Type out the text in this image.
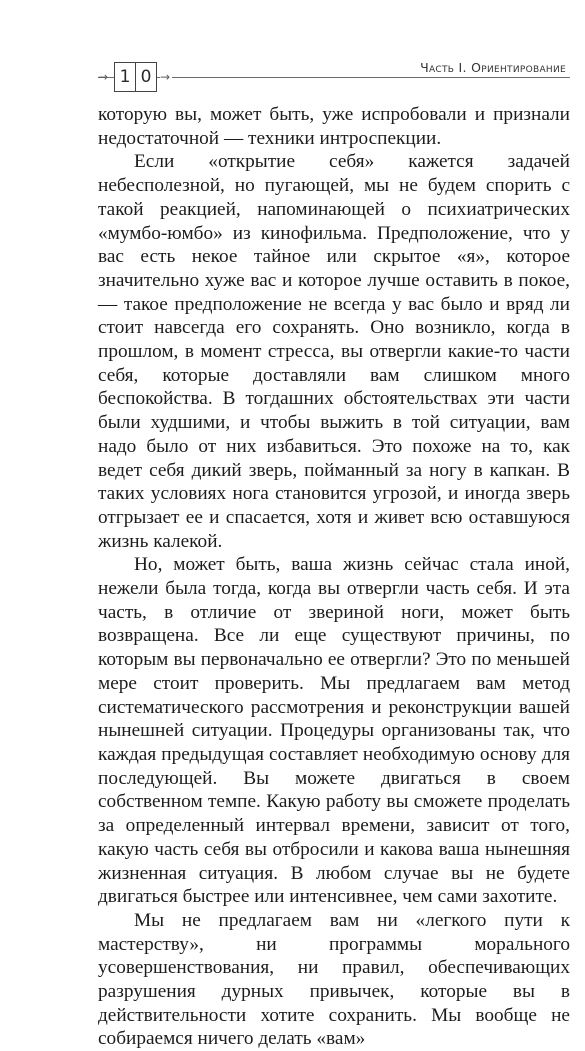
→ 1 0 →
Часть I. Ориентирование

которую вы, может быть, уже испробовали и признали недостаточной — техники интроспекции.

Если «открытие себя» кажется задачей небесполезной, но пугающей, мы не будем спорить с такой реакцией, напоминающей о психиатрических «мумбо-юмбо» из кинофильма. Предположение, что у вас есть некое тайное или скрытое «я», которое значительно хуже вас и которое лучше оставить в покое, — такое предположение не всегда у вас было и вряд ли стоит навсегда его сохранять. Оно возникло, когда в прошлом, в момент стресса, вы отвергли какие-то части себя, которые доставляли вам слишком много беспокойства. В тогдашних обстоятельствах эти части были худшими, и чтобы выжить в той ситуации, вам надо было от них избавиться. Это похоже на то, как ведет себя дикий зверь, пойманный за ногу в капкан. В таких условиях нога становится угрозой, и иногда зверь отгрызает ее и спасается, хотя и живет всю оставшуюся жизнь калекой.

Но, может быть, ваша жизнь сейчас стала иной, нежели была тогда, когда вы отвергли часть себя. И эта часть, в отличие от звериной ноги, может быть возвращена. Все ли еще существуют причины, по которым вы первоначально ее отвергли? Это по меньшей мере стоит проверить. Мы предлагаем вам метод систематического рассмотрения и реконструкции вашей нынешней ситуации. Процедуры организованы так, что каждая предыдущая составляет необходимую основу для последующей. Вы можете двигаться в своем собственном темпе. Какую работу вы сможете проделать за определенный интервал времени, зависит от того, какую часть себя вы отбросили и какова ваша нынешняя жизненная ситуация. В любом случае вы не будете двигаться быстрее или интенсивнее, чем сами захотите.

Мы не предлагаем вам ни «легкого пути к мастерству», ни программы морального усовершенствования, ни правил, обеспечивающих разрушения дурных привычек, которые вы в действительности хотите сохранить. Мы вообще не собираемся ничего делать «вам»
